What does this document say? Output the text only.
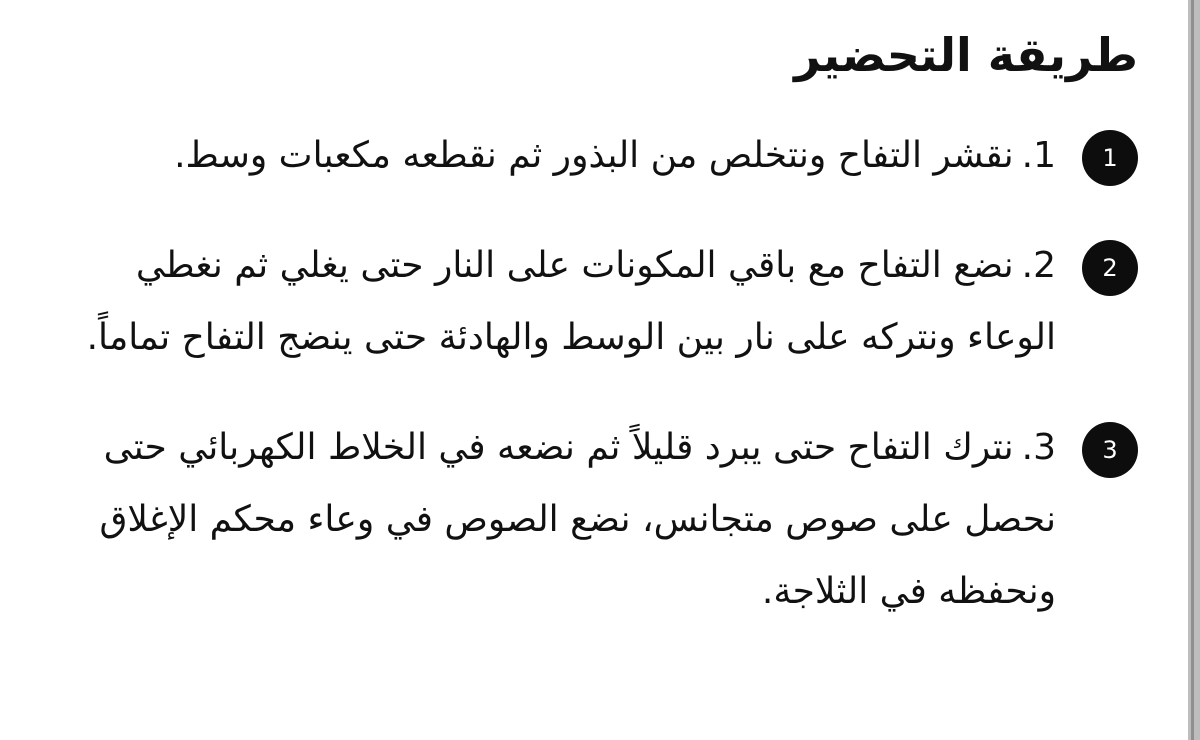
طريقة التحضير
1
1.نقشر التفاح ونتخلص من البذور ثم نقطعه مكعبات وسط.
2
2.نضع التفاح مع باقي المكونات على النار حتى يغلي ثم نغطي الوعاء ونتركه على نار بين الوسط والهادئة حتى ينضج التفاح تماماً.
3
3.نترك التفاح حتى يبرد قليلاً ثم نضعه في الخلاط الكهربائي حتى نحصل على صوص متجانس، نضع الصوص في وعاء محكم الإغلاق ونحفظه في الثلاجة.
